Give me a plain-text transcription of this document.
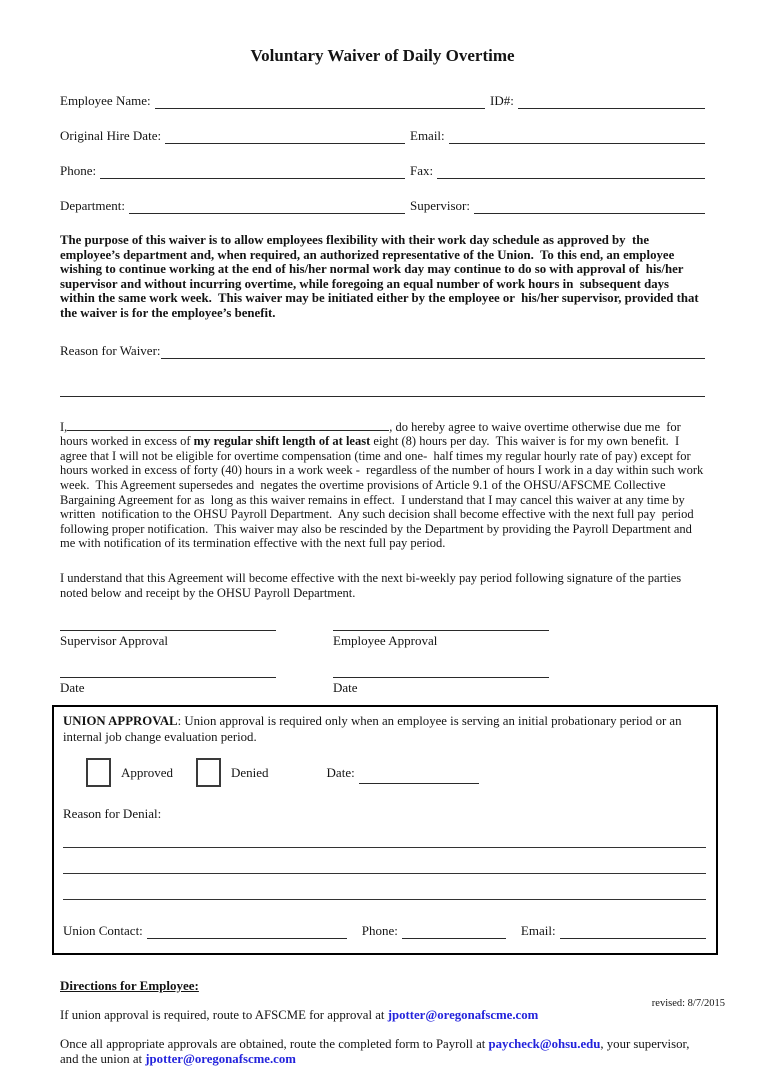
Voluntary Waiver of Daily Overtime
Employee Name:	ID#:
Original Hire Date:	Email:
Phone:	Fax:
Department:	Supervisor:

The purpose of this waiver is to allow employees flexibility with their work day schedule as approved by  the employee’s department and, when required, an authorized representative of the Union.  To this end, an employee wishing to continue working at the end of his/her normal work day may continue to do so with approval of  his/her supervisor and without incurring overtime, while foregoing an equal number of work hours in  subsequent days within the same work week.  This waiver may be initiated either by the employee or  his/her supervisor, provided that the waiver is for the employee’s benefit.

Reason for Waiver:

I,	, do hereby agree to waive overtime otherwise due me  for hours worked in excess of my regular shift length of at least eight (8) hours per day.  This waiver is for my own benefit.  I agree that I will not be eligible for overtime compensation (time and one-  half times my regular hourly rate of pay) except for hours worked in excess of forty (40) hours in a work week -  regardless of the number of hours I work in a day within such work week.  This Agreement supersedes and  negates the overtime provisions of Article 9.1 of the OHSU/AFSCME Collective Bargaining Agreement for as  long as this waiver remains in effect.  I understand that I may cancel this waiver at any time by written  notification to the OHSU Payroll Department.  Any such decision shall become effective with the next full pay  period following proper notification.  This waiver may also be rescinded by the Department by providing the Payroll Department and me with notification of its termination effective with the next full pay period.

I understand that this Agreement will become effective with the next bi-weekly pay period following signature of the parties noted below and receipt by the OHSU Payroll Department.

Supervisor Approval
Date
Employee Approval
Date

UNION APPROVAL: Union approval is required only when an employee is serving an initial probationary period or an internal job change evaluation period.

Approved	Denied	Date:

Reason for Denial:

Union Contact:	Phone:	Email:

Directions for Employee:

If union approval is required, route to AFSCME for approval at jpotter@oregonafscme.com

Once all appropriate approvals are obtained, route the completed form to Payroll at paycheck@ohsu.edu, your supervisor, and the union at jpotter@oregonafscme.com

revised: 8/7/2015
